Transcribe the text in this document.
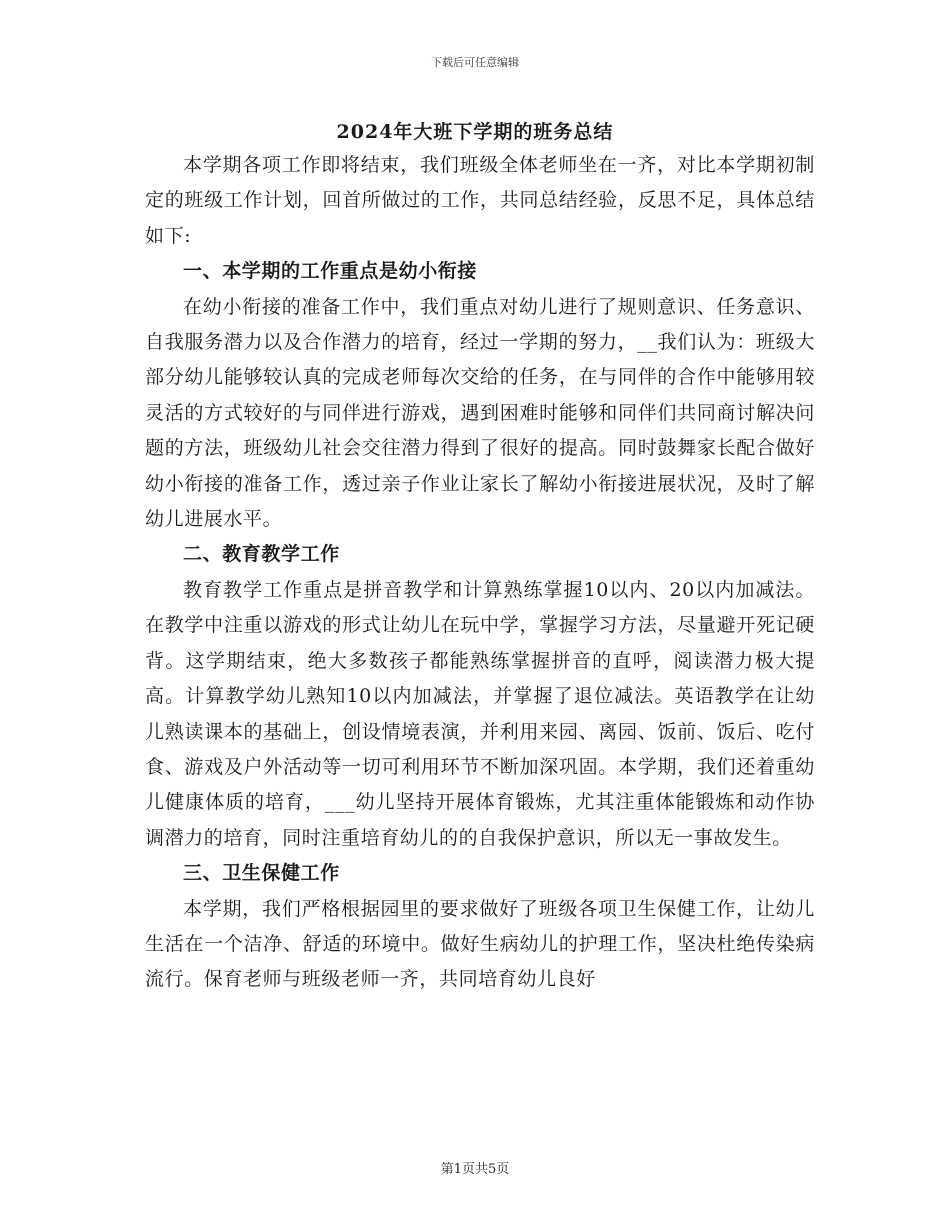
下载后可任意编辑
2024年大班下学期的班务总结

本学期各项工作即将结束，我们班级全体老师坐在一齐，对比本学期初制定的班级工作计划，回首所做过的工作，共同总结经验，反思不足，具体总结如下:

一、本学期的工作重点是幼小衔接

在幼小衔接的准备工作中，我们重点对幼儿进行了规则意识、任务意识、自我服务潜力以及合作潜力的培育，经过一学期的努力，__我们认为：班级大部分幼儿能够较认真的完成老师每次交给的任务，在与同伴的合作中能够用较灵活的方式较好的与同伴进行游戏，遇到困难时能够和同伴们共同商讨解决问题的方法，班级幼儿社会交往潜力得到了很好的提高。同时鼓舞家长配合做好幼小衔接的准备工作，透过亲子作业让家长了解幼小衔接进展状况，及时了解幼儿进展水平。

二、教育教学工作

教育教学工作重点是拼音教学和计算熟练掌握10以内、20以内加减法。在教学中注重以游戏的形式让幼儿在玩中学，掌握学习方法，尽量避开死记硬背。这学期结束，绝大多数孩子都能熟练掌握拼音的直呼，阅读潜力极大提高。计算教学幼儿熟知10以内加减法，并掌握了退位减法。英语教学在让幼儿熟读课本的基础上，创设情境表演，并利用来园、离园、饭前、饭后、吃付食、游戏及户外活动等一切可利用环节不断加深巩固。本学期，我们还着重幼儿健康体质的培育，___幼儿坚持开展体育锻炼，尤其注重体能锻炼和动作协调潜力的培育，同时注重培育幼儿的的自我保护意识，所以无一事故发生。

三、卫生保健工作

本学期，我们严格根据园里的要求做好了班级各项卫生保健工作，让幼儿生活在一个洁净、舒适的环境中。做好生病幼儿的护理工作，坚决杜绝传染病流行。保育老师与班级老师一齐，共同培育幼儿良好

第1页共5页
